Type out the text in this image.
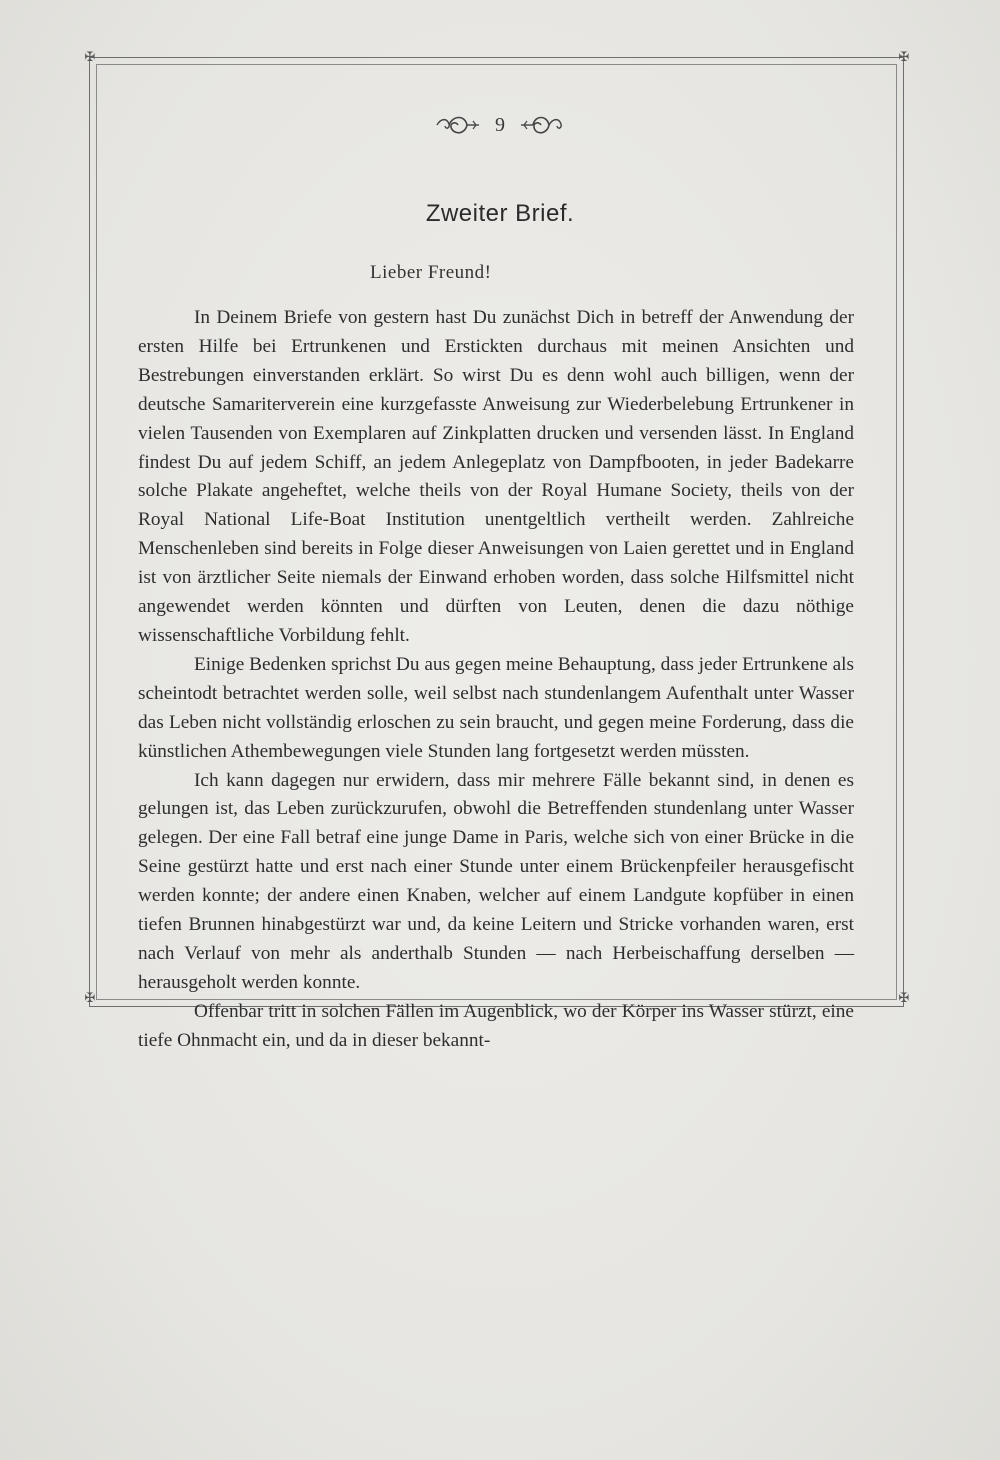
✠	✠
✠	✠
9
Zweiter Brief.
Lieber Freund!

In Deinem Briefe von gestern hast Du zunächst Dich in betreff der Anwendung der ersten Hilfe bei Ertrunkenen und Erstickten durchaus mit meinen Ansichten und Bestrebungen einverstanden erklärt. So wirst Du es denn wohl auch billigen, wenn der deutsche Samariterverein eine kurzgefasste Anweisung zur Wiederbelebung Ertrunkener in vielen Tausenden von Exemplaren auf Zinkplatten drucken und versenden lässt. In England findest Du auf jedem Schiff, an jedem Anlegeplatz von Dampfbooten, in jeder Badekarre solche Plakate angeheftet, welche theils von der Royal Humane Society, theils von der Royal National Life-Boat Institution unentgeltlich vertheilt werden. Zahlreiche Menschenleben sind bereits in Folge dieser Anweisungen von Laien gerettet und in England ist von ärztlicher Seite niemals der Einwand erhoben worden, dass solche Hilfsmittel nicht angewendet werden könnten und dürften von Leuten, denen die dazu nöthige wissenschaftliche Vorbildung fehlt.

Einige Bedenken sprichst Du aus gegen meine Behauptung, dass jeder Ertrunkene als scheintodt betrachtet werden solle, weil selbst nach stundenlangem Aufenthalt unter Wasser das Leben nicht vollständig erloschen zu sein braucht, und gegen meine Forderung, dass die künstlichen Athembewegungen viele Stunden lang fortgesetzt werden müssten.

Ich kann dagegen nur erwidern, dass mir mehrere Fälle bekannt sind, in denen es gelungen ist, das Leben zurückzurufen, obwohl die Betreffenden stundenlang unter Wasser gelegen. Der eine Fall betraf eine junge Dame in Paris, welche sich von einer Brücke in die Seine gestürzt hatte und erst nach einer Stunde unter einem Brückenpfeiler herausgefischt werden konnte; der andere einen Knaben, welcher auf einem Landgute kopfüber in einen tiefen Brunnen hinabgestürzt war und, da keine Leitern und Stricke vorhanden waren, erst nach Verlauf von mehr als anderthalb Stunden — nach Herbeischaffung derselben — herausgeholt werden konnte.

Offenbar tritt in solchen Fällen im Augenblick, wo der Körper ins Wasser stürzt, eine tiefe Ohnmacht ein, und da in dieser bekannt-
